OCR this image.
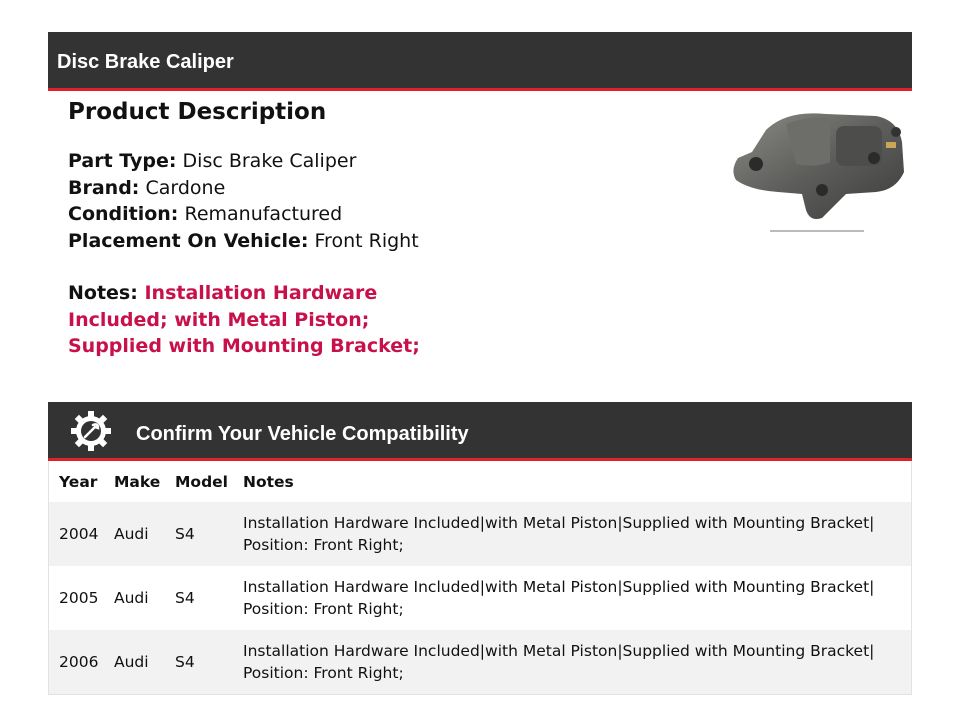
Disc Brake Caliper
Product Description
Part Type: Disc Brake Caliper
Brand: Cardone
Condition: Remanufactured
Placement On Vehicle: Front Right
Notes: Installation Hardware Included; with Metal Piston; Supplied with Mounting Bracket;
Confirm Your Vehicle Compatibility
Year	Make	Model	Notes
2004	Audi	S4	Installation Hardware Included|with Metal Piston|Supplied with Mounting Bracket| Position: Front Right;
2005	Audi	S4	Installation Hardware Included|with Metal Piston|Supplied with Mounting Bracket| Position: Front Right;
2006	Audi	S4	Installation Hardware Included|with Metal Piston|Supplied with Mounting Bracket| Position: Front Right;
